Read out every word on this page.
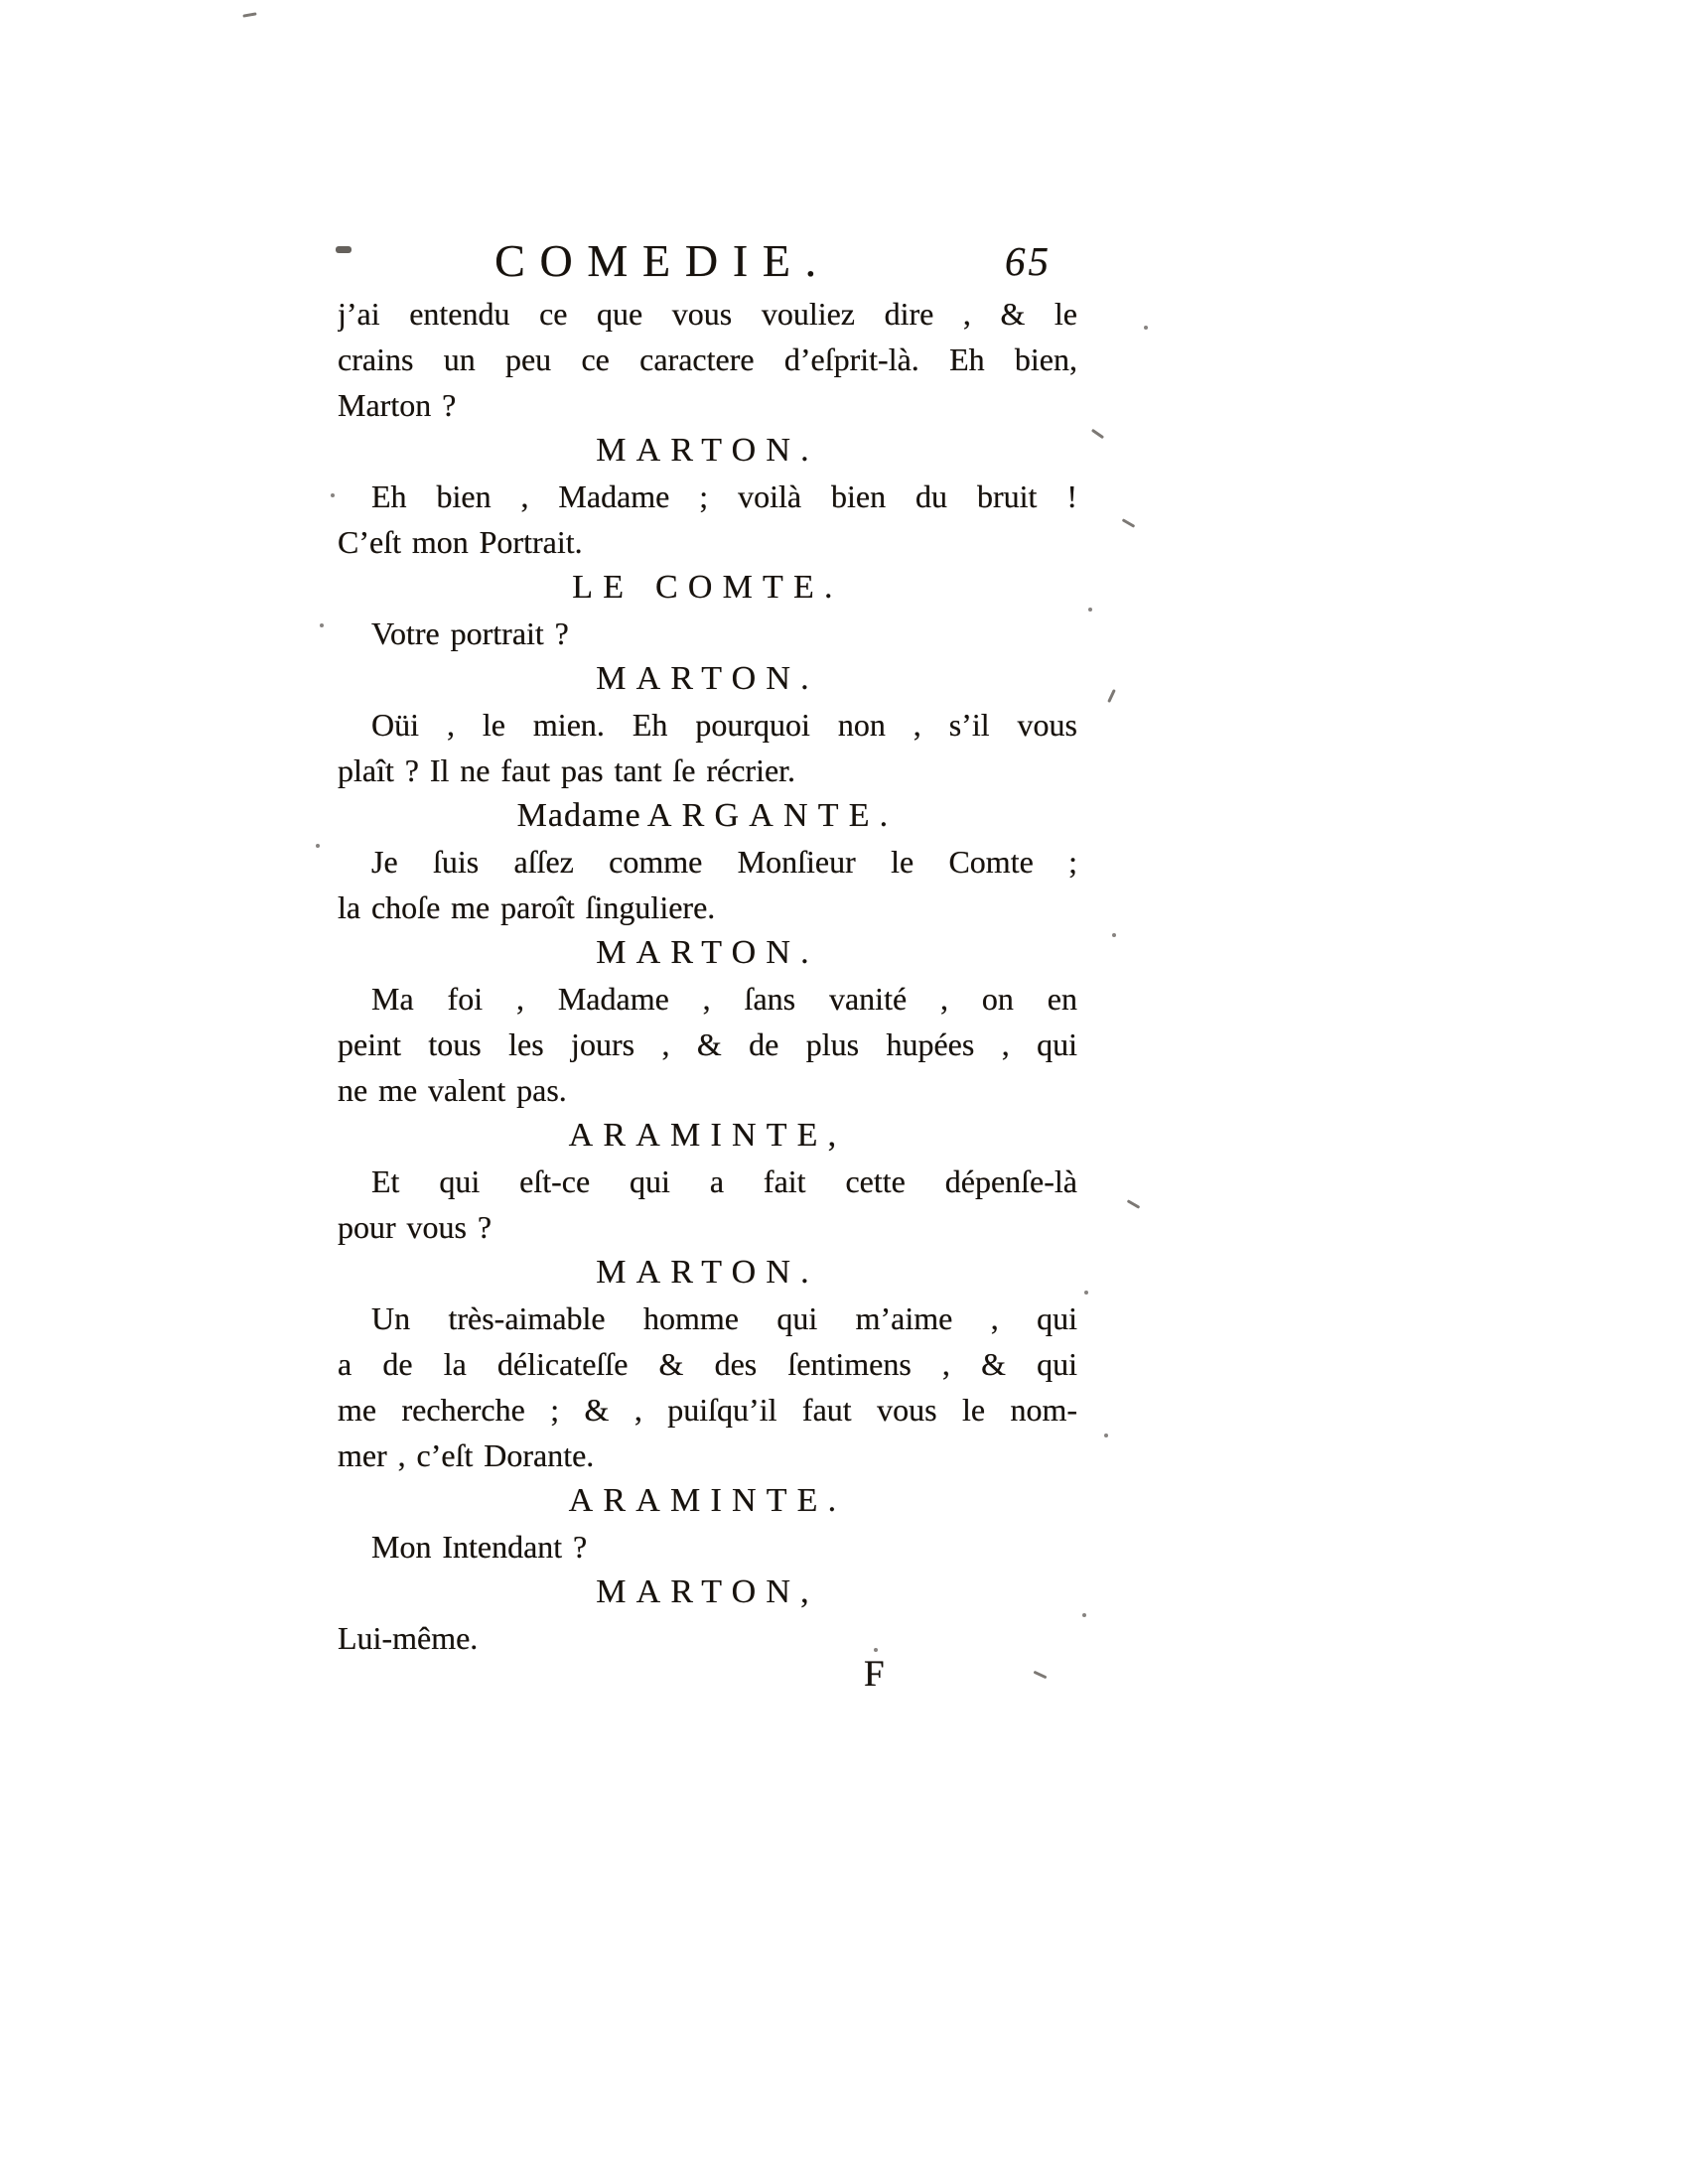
COMEDIE.	65
j’ai entendu ce que vous vouliez dire , & le
crains un peu ce caractere d’eſprit-là. Eh bien,
Marton ?
MARTON.
Eh bien , Madame ; voilà bien du bruit !
C’eſt mon Portrait.
LE COMTE.
Votre portrait ?
MARTON.
Oüi , le mien. Eh pourquoi non , s’il vous
plaît ? Il ne faut pas tant ſe récrier.
Madame ARGANTE.
Je ſuis aſſez comme Monſieur le Comte ;
la choſe me paroît ſinguliere.
MARTON.
Ma foi , Madame , ſans vanité , on en
peint tous les jours , & de plus hupées , qui
ne me valent pas.
ARAMINTE,
Et qui eſt-ce qui a fait cette dépenſe-là
pour vous ?
MARTON.
Un très-aimable homme qui m’aime , qui
a de la délicateſſe & des ſentimens , & qui
me recherche ; & , puiſqu’il faut vous le nom-
mer , c’eſt Dorante.
ARAMINTE.
Mon Intendant ?
MARTON,
Lui-même.
F
